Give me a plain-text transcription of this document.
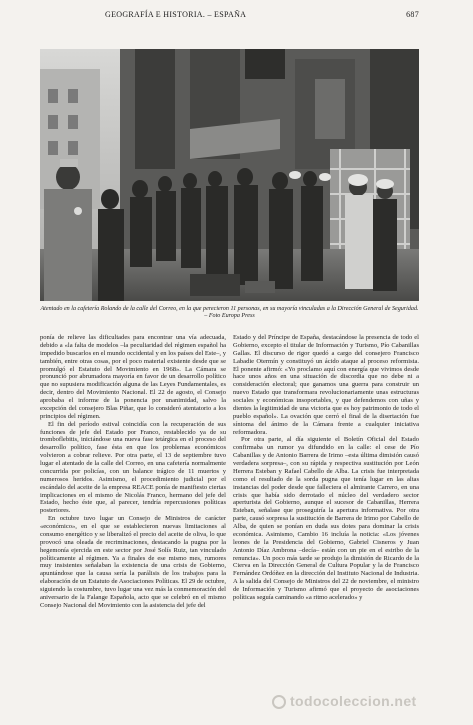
GEOGRAFÍA E HISTORIA. – ESPAÑA	687
Atentado en la cafetería Rolando de la calle del Correo, en la que perecieron 11 personas, en su mayoría vinculadas a la Dirección General de Seguridad. – Foto Europa Press

ponía de relieve las dificultades para encontrar una vía adecuada, debido a «la falta de modelos –la peculiaridad del régimen español ha impedido buscarlos en el mundo occidental y en los países del Este–, y también, entre otras cosas, por el poco material existente desde que se promulgó el Estatuto del Movimiento en 1968». La Cámara se pronunció por abrumadora mayoría en favor de un desarrollo político que no supusiera modificación alguna de las Leyes Fundamentales, es decir, dentro del Movimiento Nacional. El 22 de agosto, el Consejo aprobaba el informe de la ponencia por unanimidad, salvo la excepción del consejero Blas Piñar, que lo consideró atentatorio a los principios del régimen.

El fin del período estival coincidía con la recuperación de sus funciones de jefe del Estado por Franco, restablecido ya de su tromboflebitis, iniciándose una nueva fase tetárgica en el proceso del desarrollo político, fase ésta en que los problemas económicos volvieron a cobrar relieve. Por otra parte, el 13 de septiembre tuvo lugar el atentado de la calle del Correo, en una cafetería normalmente concurrida por policías, con un balance trágico de 11 muertos y numerosos heridos. Asimismo, el procedimiento judicial por el escándalo del aceite de la empresa REACE ponía de manifiesto ciertas implicaciones en el mismo de Nicolás Franco, hermano del jefe del Estado, hecho éste que, al parecer, tendría repercusiones políticas posteriores.

En octubre tuvo lugar un Consejo de Ministros de carácter «económico», en el que se establecieron nuevas limitaciones al consumo energético y se liberalizó el precio del aceite de oliva, lo que provocó una oleada de recriminaciones, destacando la pugna por la hegemonía ejercida en este sector por José Solís Ruiz, tan vinculado políticamente al régimen. Ya a finales de ese mismo mes, rumores muy insistentes señalaban la existencia de una crisis de Gobierno, apuntándose que la causa sería la parálisis de los trabajos para la elaboración de un Estatuto de Asociaciones Políticas. El 29 de octubre, siguiendo la costumbre, tuvo lugar una vez más la conmemoración del aniversario de la Falange Española, acto que se celebró en el mismo Consejo Nacional del Movimiento con la asistencia del jefe del

Estado y del Príncipe de España, destacándose la presencia de todo el Gobierno, excepto el titular de Información y Turismo, Pío Cabanillas Gallas. El discurso de rigor quedó a cargo del consejero Francisco Labadie Otermín y constituyó un ácido ataque al proceso reformista. El ponente afirmó: «Yo proclamo aquí con energía que vivimos desde hace unos años en una situación de discordia que no debe ni a consideración electoral; que ganamos una guerra para construir un nuevo Estado que transformara revolucionariamente unas estructuras sociales y económicas insoportables, y que defendemos con uñas y dientes la legitimidad de una victoria que es hoy patrimonio de todo el pueblo español». La ovación que cerró el final de la disertación fue síntoma del ánimo de la Cámara frente a cualquier iniciativa reformadora.

Por otra parte, al día siguiente el Boletín Oficial del Estado confirmaba un rumor ya difundido en la calle: el cese de Pío Cabanillas y de Antonio Barrera de Irimo –esta última dimisión causó verdadera sorpresa–, con su rápida y respectiva sustitución por León Herrera Esteban y Rafael Cabello de Alba. La crisis fue interpretada como el resultado de la sorda pugna que tenía lugar en las altas instancias del poder desde que falleciera el almirante Carrero, en una crisis que había sido derrotado el núcleo del verdadero sector aperturista del Gobierno, aunque el sucesor de Cabanillas, Herrera Esteban, señalase que proseguiría la apertura informativa. Por otra parte, causó sorpresa la sustitución de Barrera de Irimo por Cabello de Alba, de quien se ponían en duda sus dotes para dominar la crisis económica. Asimismo, Cambio 16 incluía la noticia: «Los jóvenes leones de la Presidencia del Gobierno, Gabriel Cisneros y Juan Antonio Díaz Ambrona –decía– están con un pie en el estribo de la renuncia». Un poco más tarde se produjo la dimisión de Ricardo de la Cierva en la Dirección General de Cultura Popular y la de Francisco Fernández Ordóñez en la dirección del Instituto Nacional de Industria. A la salida del Consejo de Ministros del 22 de noviembre, el ministro de Información y Turismo afirmó que el proyecto de asociaciones políticas seguía caminando «a ritmo acelerado» y

todocoleccion.net
